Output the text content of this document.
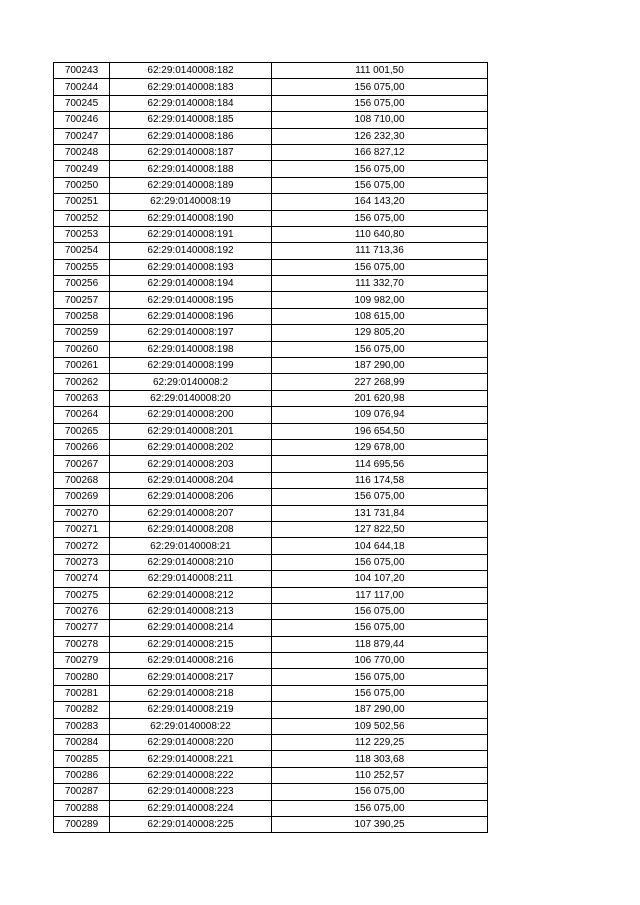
700243	62:29:0140008:182	111 001,50
700244	62:29:0140008:183	156 075,00
700245	62:29:0140008:184	156 075,00
700246	62:29:0140008:185	108 710,00
700247	62:29:0140008:186	126 232,30
700248	62:29:0140008:187	166 827,12
700249	62:29:0140008:188	156 075,00
700250	62:29:0140008:189	156 075,00
700251	62:29:0140008:19	164 143,20
700252	62:29:0140008:190	156 075,00
700253	62:29:0140008:191	110 640,80
700254	62:29:0140008:192	111 713,36
700255	62:29:0140008:193	156 075,00
700256	62:29:0140008:194	111 332,70
700257	62:29:0140008:195	109 982,00
700258	62:29:0140008:196	108 615,00
700259	62:29:0140008:197	129 805,20
700260	62:29:0140008:198	156 075,00
700261	62:29:0140008:199	187 290,00
700262	62:29:0140008:2	227 268,99
700263	62:29:0140008:20	201 620,98
700264	62:29:0140008:200	109 076,94
700265	62:29:0140008:201	196 654,50
700266	62:29:0140008:202	129 678,00
700267	62:29:0140008:203	114 695,56
700268	62:29:0140008:204	116 174,58
700269	62:29:0140008:206	156 075,00
700270	62:29:0140008:207	131 731,84
700271	62:29:0140008:208	127 822,50
700272	62:29:0140008:21	104 644,18
700273	62:29:0140008:210	156 075,00
700274	62:29:0140008:211	104 107,20
700275	62:29:0140008:212	117 117,00
700276	62:29:0140008:213	156 075,00
700277	62:29:0140008:214	156 075,00
700278	62:29:0140008:215	118 879,44
700279	62:29:0140008:216	106 770,00
700280	62:29:0140008:217	156 075,00
700281	62:29:0140008:218	156 075,00
700282	62:29:0140008:219	187 290,00
700283	62:29:0140008:22	109 502,56
700284	62:29:0140008:220	112 229,25
700285	62:29:0140008:221	118 303,68
700286	62:29:0140008:222	110 252,57
700287	62:29:0140008:223	156 075,00
700288	62:29:0140008:224	156 075,00
700289	62:29:0140008:225	107 390,25
